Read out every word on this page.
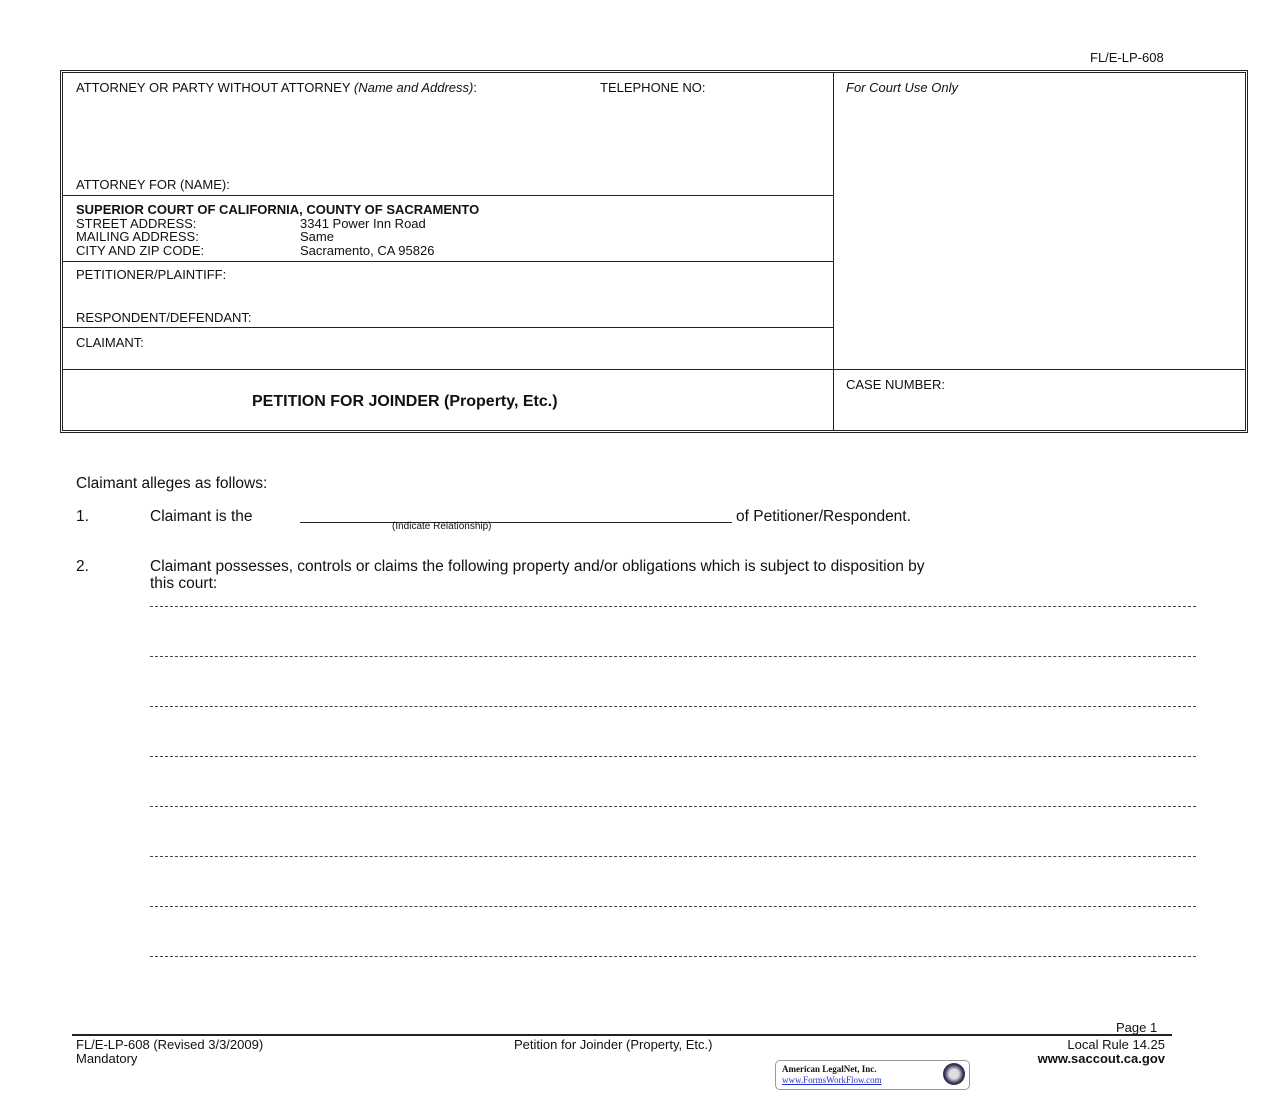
FL/E-LP-608
ATTORNEY OR PARTY WITHOUT ATTORNEY (Name and Address):	TELEPHONE NO:
ATTORNEY FOR (NAME):
For Court Use Only
SUPERIOR COURT OF CALIFORNIA, COUNTY OF SACRAMENTO
STREET ADDRESS:	3341 Power Inn Road
MAILING ADDRESS:	Same
CITY AND ZIP CODE:	Sacramento, CA 95826
PETITIONER/PLAINTIFF:
RESPONDENT/DEFENDANT:
CLAIMANT:
PETITION FOR JOINDER (Property, Etc.)
CASE NUMBER:
Claimant alleges as follows:
1.	Claimant is the
(Indicate Relationship)
of Petitioner/Respondent.
2.	Claimant possesses, controls or claims the following property and/or obligations which is subject to disposition by
this court:
Page 1
FL/E-LP-608 (Revised 3/3/2009)
Mandatory
Petition for Joinder (Property, Etc.)	Local Rule 14.25
www.saccout.ca.gov
American LegalNet, Inc.
www.FormsWorkFlow.com
